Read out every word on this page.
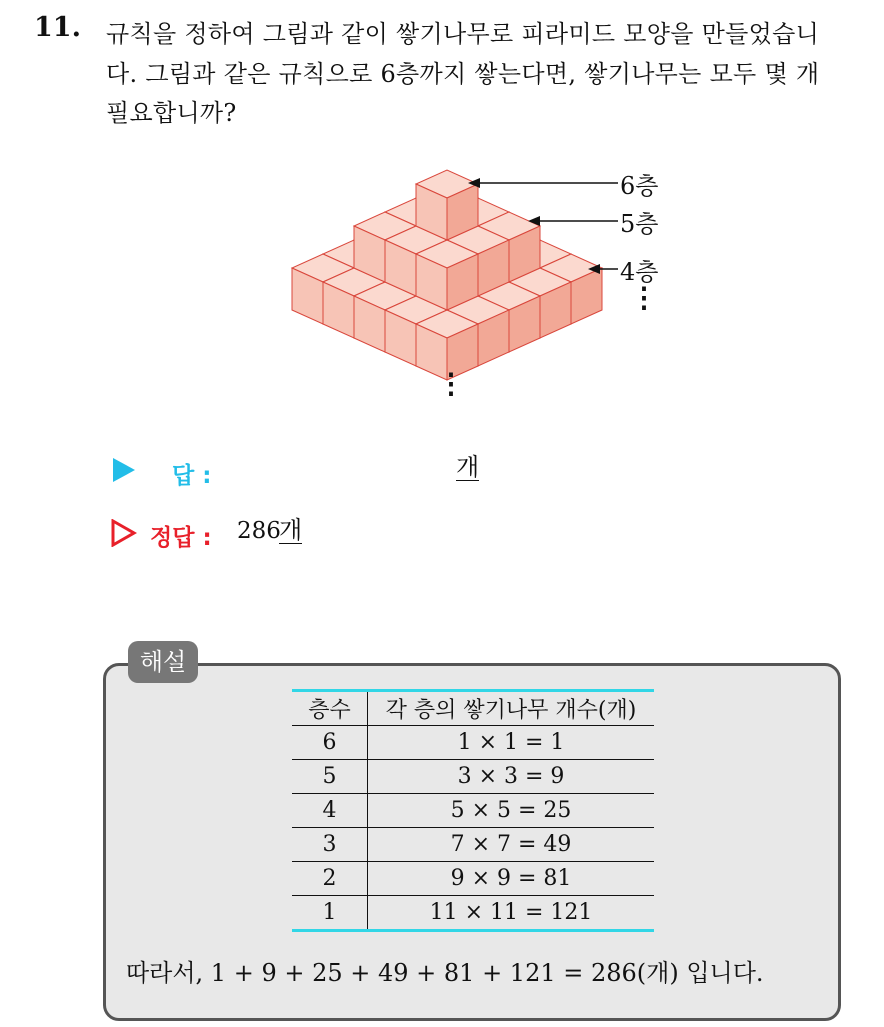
11. 규칙을 정하여 그림과 같이 쌓기나무로 피라미드 모양을 만들었습니
다. 그림과 같은 규칙으로 6층까지 쌓는다면, 쌓기나무는 모두 몇 개
필요합니까?
6층
5층
4층
⋮
⋮
답 :	개
정답 : 286
개
해설
층수	각 층의 쌓기나무 개수(개)
6	1 × 1 = 1
5	3 × 3 = 9
4	5 × 5 = 25
3	7 × 7 = 49
2	9 × 9 = 81
1	11 × 11 = 121
따라서, 1 + 9 + 25 + 49 + 81 + 121 = 286(개) 입니다.
